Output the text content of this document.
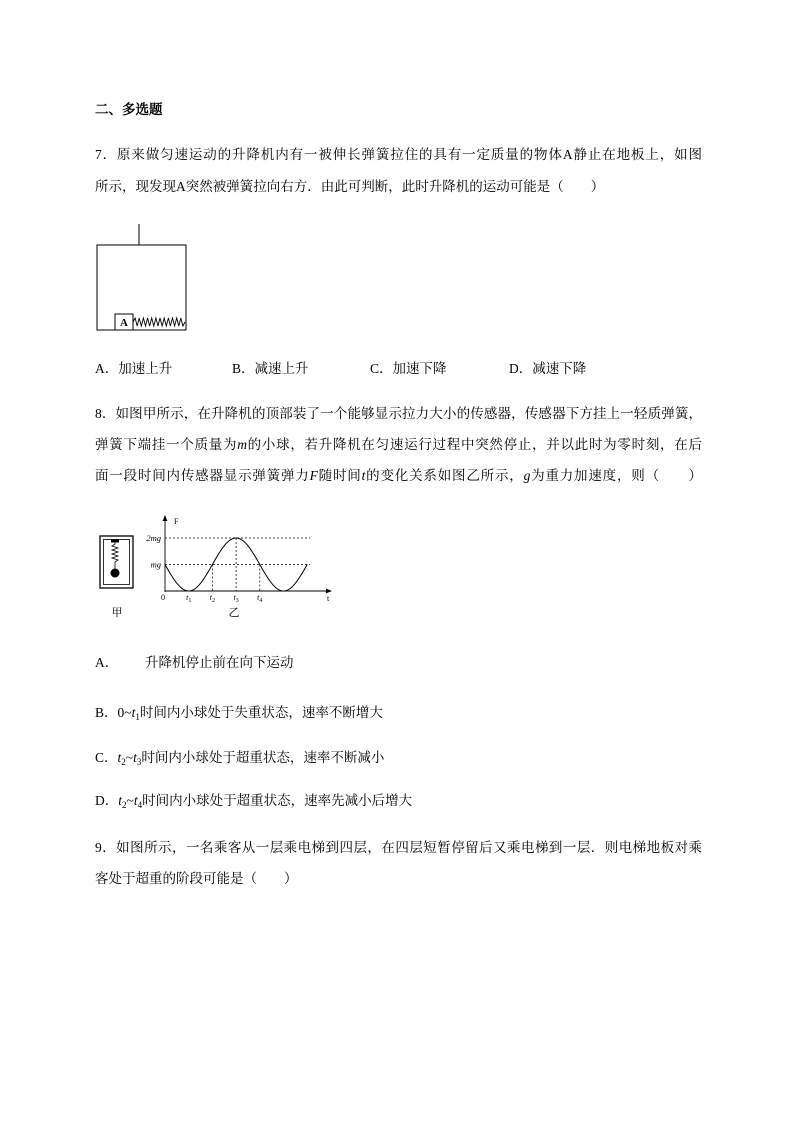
二、多选题
7．原来做匀速运动的升降机内有一被伸长弹簧拉住的具有一定质量的物体A静止在地板上，如图
所示，现发现A突然被弹簧拉向右方．由此可判断，此时升降机的运动可能是（　　）
A
A．加速上升	B．减速上升	C．加速下降	D．减速下降
8．如图甲所示，在升降机的顶部装了一个能够显示拉力大小的传感器，传感器下方挂上一轻质弹簧，
弹簧下端挂一个质量为m的小球，若升降机在匀速运行过程中突然停止，并以此时为零时刻，在后
面一段时间内传感器显示弹簧弹力F随时间t的变化关系如图乙所示，g为重力加速度，则（　　）
甲
F
t
0
2mg
mg
$t_1$ $t_2$ $t_3$ $t_4$
乙
A． 升降机停止前在向下运动
B．$0\sim t_1$时间内小球处于失重状态，速率不断增大
C．$t_2\sim t_3$时间内小球处于超重状态，速率不断减小
D．$t_2\sim t_4$时间内小球处于超重状态，速率先减小后增大
9．如图所示，一名乘客从一层乘电梯到四层，在四层短暂停留后又乘电梯到一层．则电梯地板对乘
客处于超重的阶段可能是（　　）
